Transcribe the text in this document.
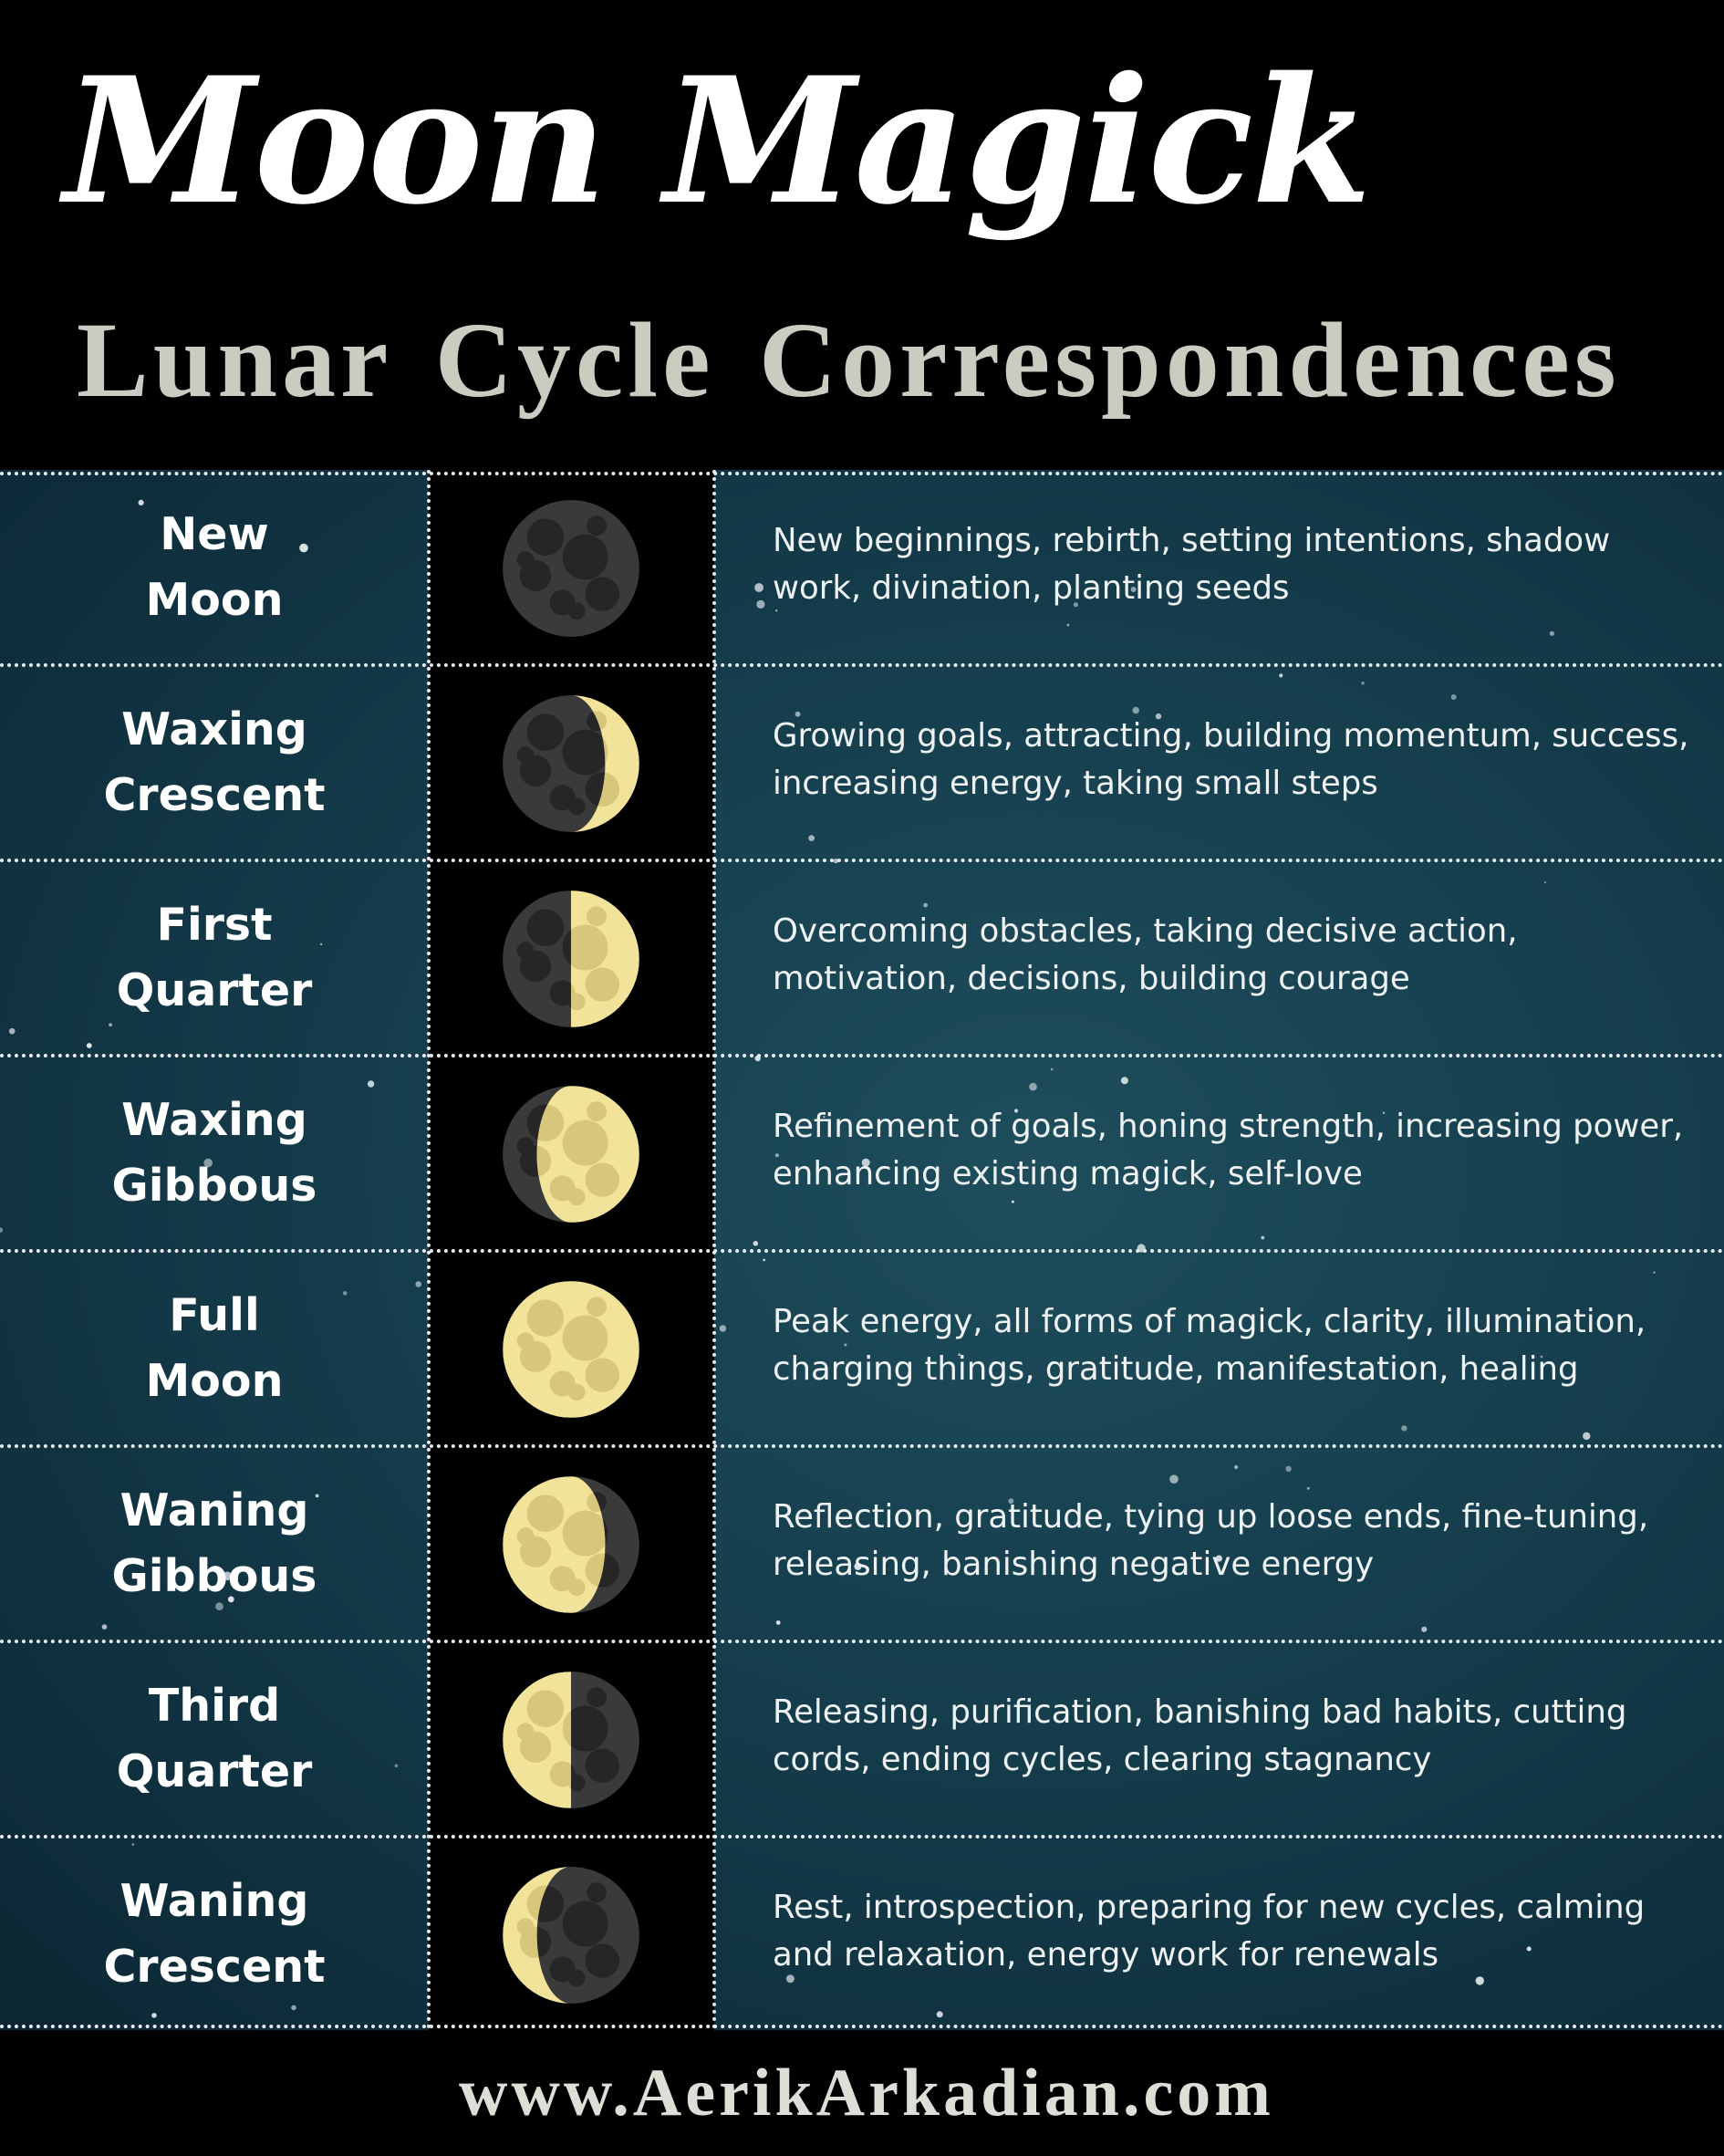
Moon Magick
Lunar Cycle Correspondences
New
Moon
New beginnings, rebirth, setting intentions, shadow work, divination, planting seeds
Waxing
Crescent
Growing goals, attracting, building momentum, success, increasing energy, taking small steps
First
Quarter
Overcoming obstacles, taking decisive action, motivation, decisions, building courage
Waxing
Gibbous
Refinement of goals, honing strength, increasing power, enhancing existing magick, self-love
Full
Moon
Peak energy, all forms of magick, clarity, illumination, charging things, gratitude, manifestation, healing
Waning
Gibbous
Reflection, gratitude, tying up loose ends, fine-tuning, releasing, banishing negative energy
Third
Quarter
Releasing, purification, banishing bad habits, cutting cords, ending cycles, clearing stagnancy
Waning
Crescent
Rest, introspection, preparing for new cycles, calming and relaxation, energy work for renewals
www.AerikArkadian.com
